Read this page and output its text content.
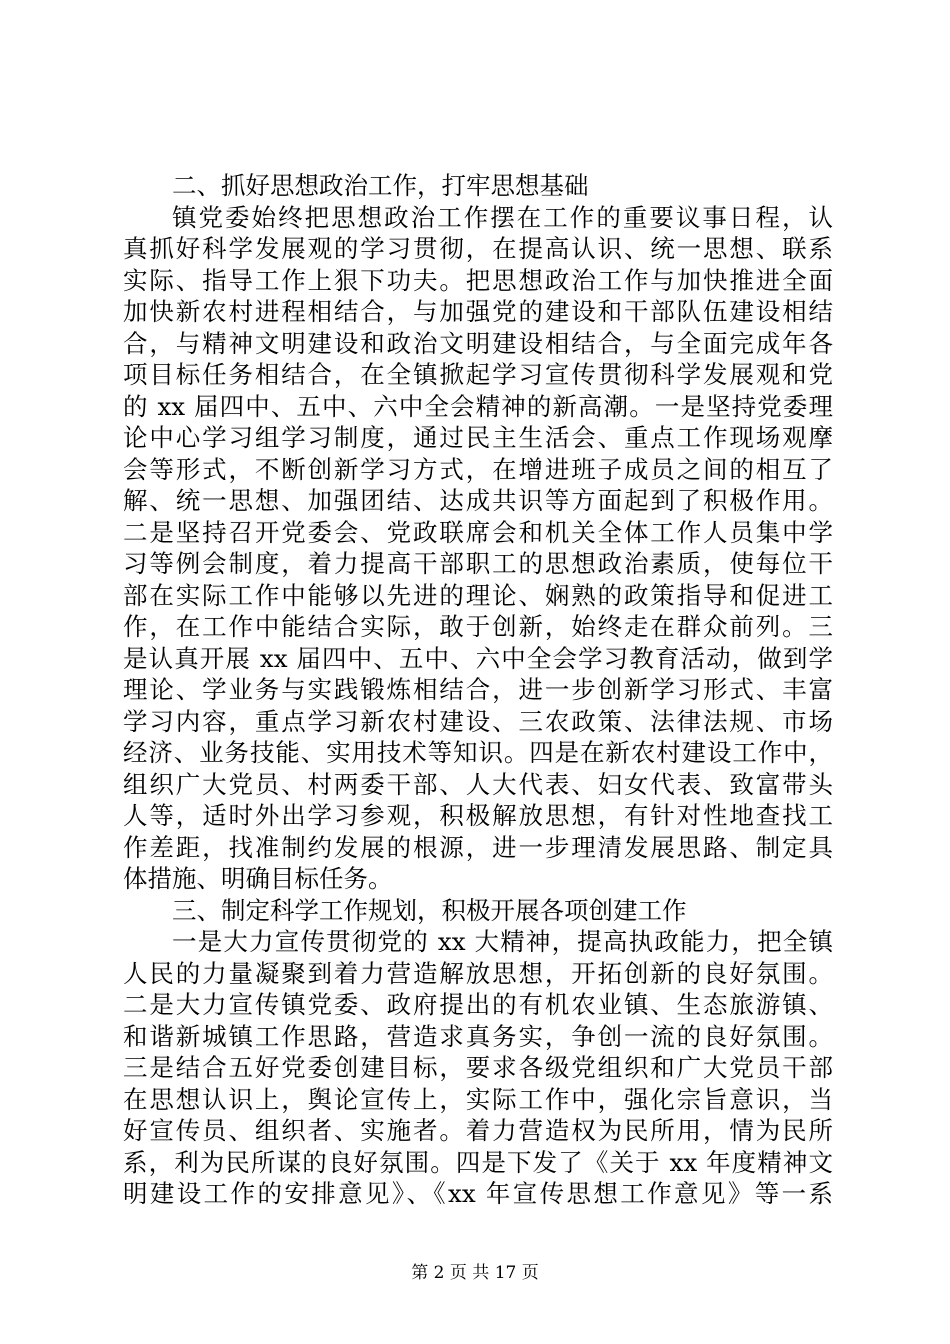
二、抓好思想政治工作，打牢思想基础
镇党委始终把思想政治工作摆在工作的重要议事日程，认
真抓好科学发展观的学习贯彻，在提高认识、统一思想、联系
实际、指导工作上狠下功夫。把思想政治工作与加快推进全面
加快新农村进程相结合，与加强党的建设和干部队伍建设相结
合，与精神文明建设和政治文明建设相结合，与全面完成年各
项目标任务相结合，在全镇掀起学习宣传贯彻科学发展观和党
的 xx 届四中、五中、六中全会精神的新高潮。一是坚持党委理
论中心学习组学习制度，通过民主生活会、重点工作现场观摩
会等形式，不断创新学习方式，在增进班子成员之间的相互了
解、统一思想、加强团结、达成共识等方面起到了积极作用。
二是坚持召开党委会、党政联席会和机关全体工作人员集中学
习等例会制度，着力提高干部职工的思想政治素质，使每位干
部在实际工作中能够以先进的理论、娴熟的政策指导和促进工
作，在工作中能结合实际，敢于创新，始终走在群众前列。三
是认真开展 xx 届四中、五中、六中全会学习教育活动，做到学
理论、学业务与实践锻炼相结合，进一步创新学习形式、丰富
学习内容，重点学习新农村建设、三农政策、法律法规、市场
经济、业务技能、实用技术等知识。四是在新农村建设工作中，
组织广大党员、村两委干部、人大代表、妇女代表、致富带头
人等，适时外出学习参观，积极解放思想，有针对性地查找工
作差距，找准制约发展的根源，进一步理清发展思路、制定具
体措施、明确目标任务。
三、制定科学工作规划，积极开展各项创建工作
一是大力宣传贯彻党的 xx 大精神，提高执政能力，把全镇
人民的力量凝聚到着力营造解放思想，开拓创新的良好氛围。
二是大力宣传镇党委、政府提出的有机农业镇、生态旅游镇、
和谐新城镇工作思路，营造求真务实，争创一流的良好氛围。
三是结合五好党委创建目标，要求各级党组织和广大党员干部
在思想认识上，舆论宣传上，实际工作中，强化宗旨意识，当
好宣传员、组织者、实施者。着力营造权为民所用，情为民所
系，利为民所谋的良好氛围。四是下发了《关于 xx 年度精神文
明建设工作的安排意见》、《xx 年宣传思想工作意见》等一系
第 2 页 共 17 页
